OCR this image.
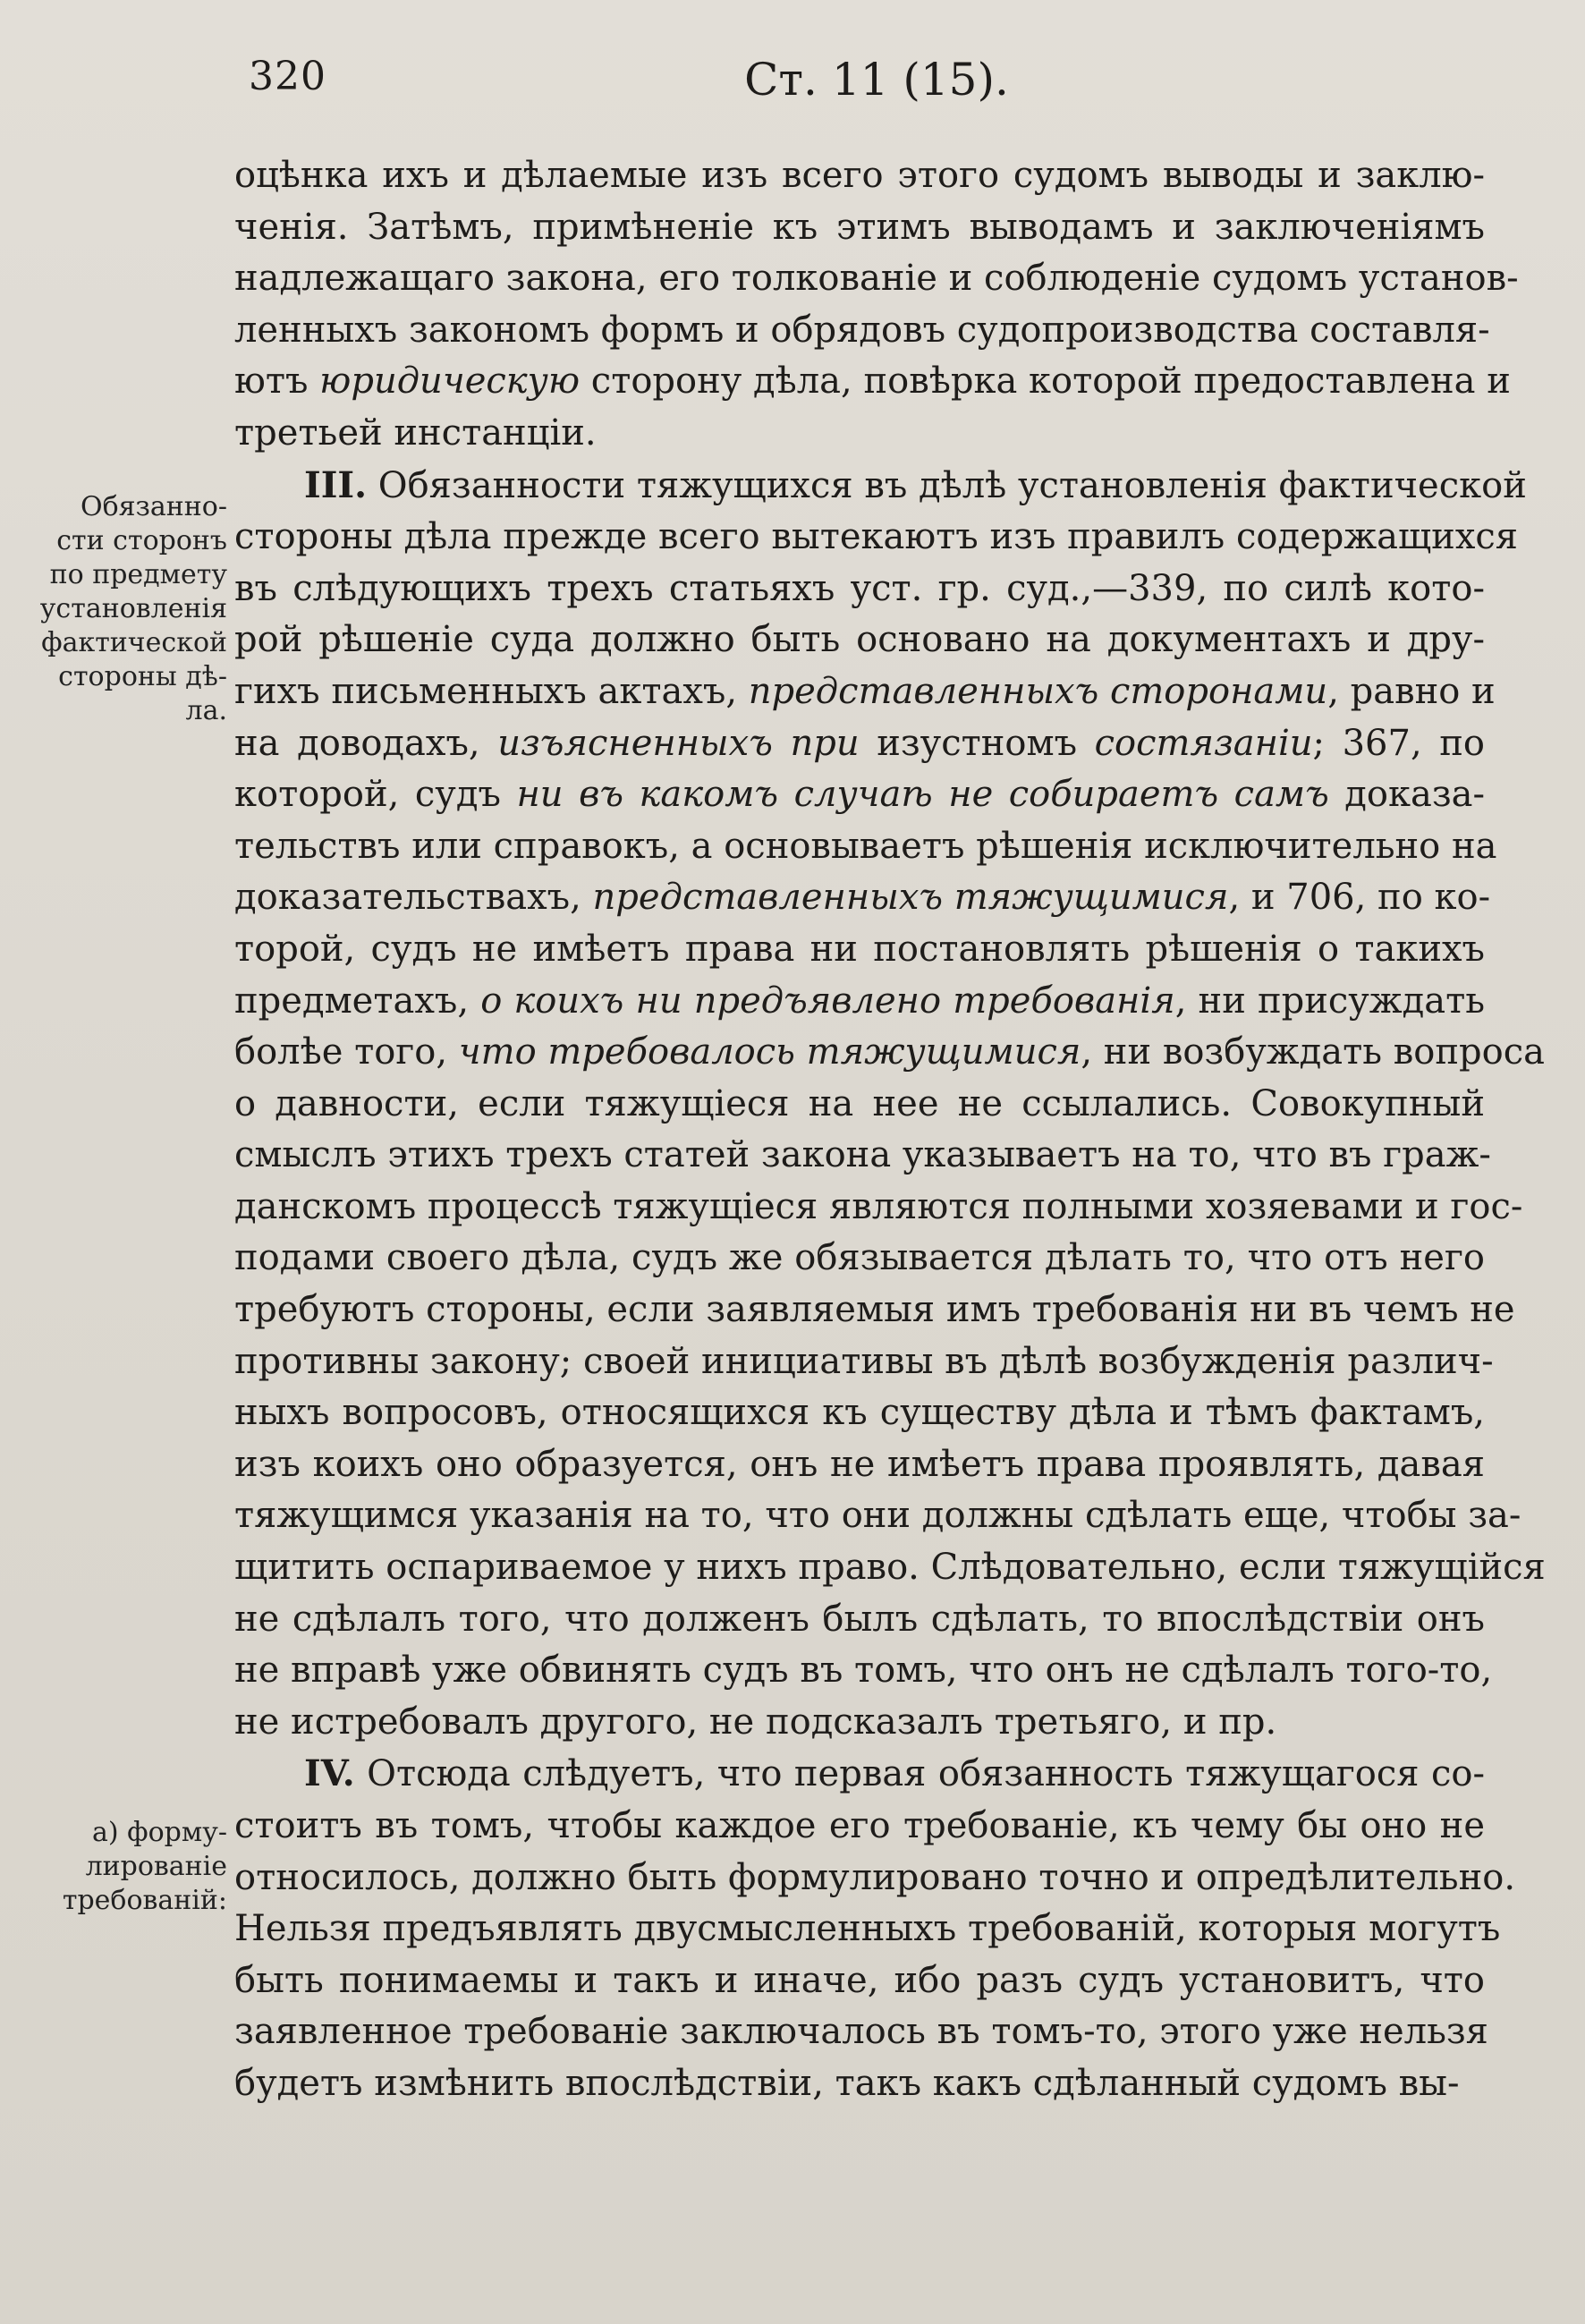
320	Ст. 11 (15).
Обязанно-
сти сторонъ
по предмету
установленія
фактической
стороны дѣ-
ла.
а) форму-
лированіе
требованій:

оцѣнка ихъ и дѣлаемые изъ всего этого судомъ выводы и заклю-
ченія. Затѣмъ, примѣненіе къ этимъ выводамъ и заключеніямъ
надлежащаго закона, его толкованіе и соблюденіе судомъ установ-
ленныхъ закономъ формъ и обрядовъ судопроизводства составля-
ютъ юридическую сторону дѣла, повѣрка которой предоставлена и
третьей инстанціи.

III. Обязанности тяжущихся въ дѣлѣ установленія фактической
стороны дѣла прежде всего вытекаютъ изъ правилъ содержащихся
въ слѣдующихъ трехъ статьяхъ уст. гр. суд.,—339, по силѣ кото-
рой рѣшеніе суда должно быть основано на документахъ и дру-
гихъ письменныхъ актахъ, представленныхъ сторонами, равно и
на доводахъ, изъясненныхъ при изустномъ состязаніи; 367, по
которой, судъ ни въ какомъ случаѣ не собираетъ самъ доказа-
тельствъ или справокъ, а основываетъ рѣшенія исключительно на
доказательствахъ, представленныхъ тяжущимися, и 706, по ко-
торой, судъ не имѣетъ права ни постановлять рѣшенія о такихъ
предметахъ, о коихъ ни предъявлено требованія, ни присуждать
болѣе того, что требовалось тяжущимися, ни возбуждать вопроса
о давности, если тяжущіеся на нее не ссылались. Совокупный
смыслъ этихъ трехъ статей закона указываетъ на то, что въ граж-
данскомъ процессѣ тяжущіеся являются полными хозяевами и гос-
подами своего дѣла, судъ же обязывается дѣлать то, что отъ него
требуютъ стороны, если заявляемыя имъ требованія ни въ чемъ не
противны закону; своей инициативы въ дѣлѣ возбужденія различ-
ныхъ вопросовъ, относящихся къ существу дѣла и тѣмъ фактамъ,
изъ коихъ оно образуется, онъ не имѣетъ права проявлять, давая
тяжущимся указанія на то, что они должны сдѣлать еще, чтобы за-
щитить оспариваемое у нихъ право. Слѣдовательно, если тяжущійся
не сдѣлалъ того, что долженъ былъ сдѣлать, то впослѣдствіи онъ
не вправѣ уже обвинять судъ въ томъ, что онъ не сдѣлалъ того-то,
не истребовалъ другого, не подсказалъ третьяго, и пр.

IV. Отсюда слѣдуетъ, что первая обязанность тяжущагося со-
стоитъ въ томъ, чтобы каждое его требованіе, къ чему бы оно не
относилось, должно быть формулировано точно и опредѣлительно.
Нельзя предъявлять двусмысленныхъ требованій, которыя могутъ
быть понимаемы и такъ и иначе, ибо разъ судъ установитъ, что
заявленное требованіе заключалось въ томъ-то, этого уже нельзя
будетъ измѣнить впослѣдствіи, такъ какъ сдѣланный судомъ вы-
